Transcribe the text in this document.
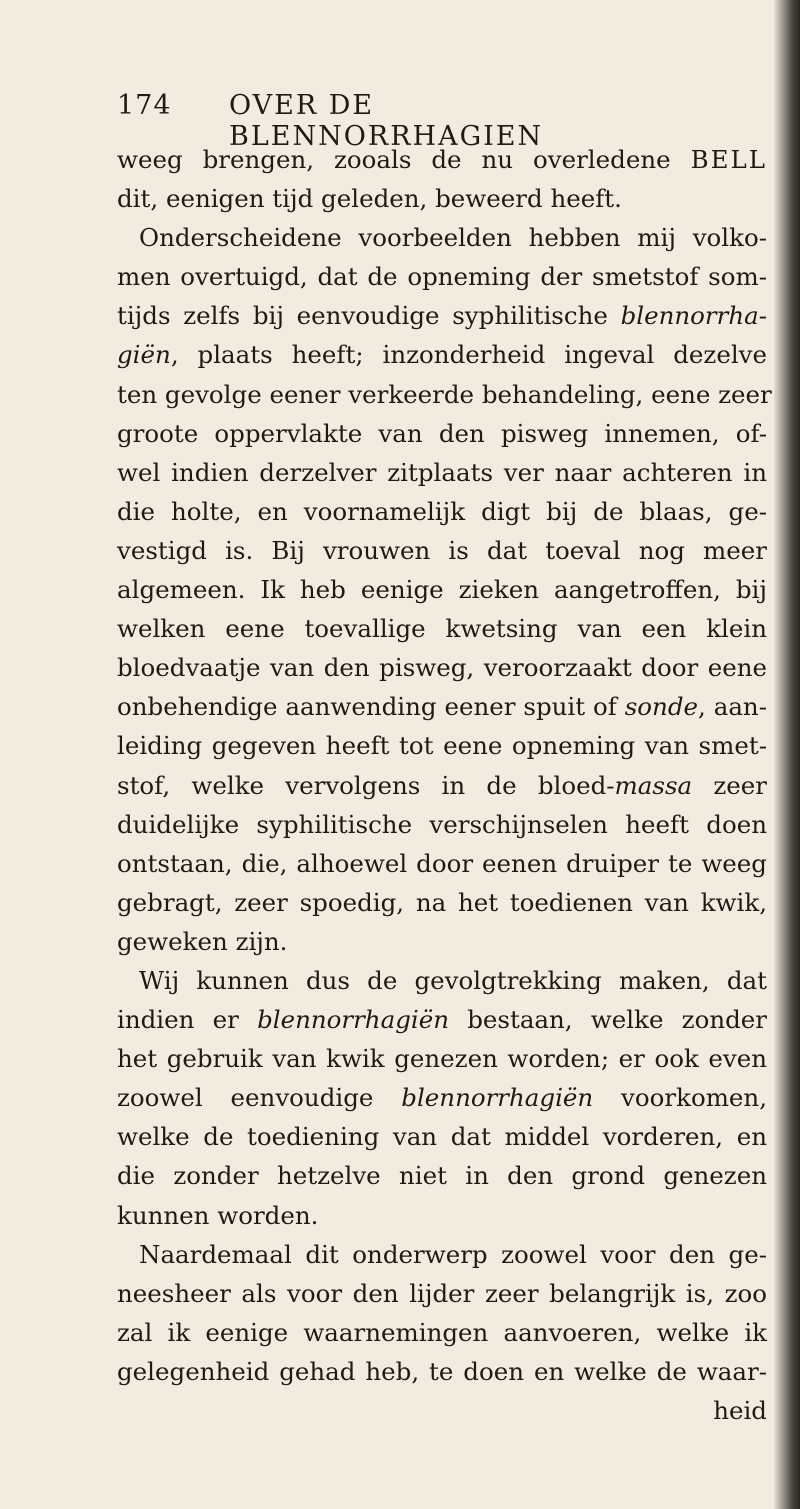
174 OVER DE BLENNORRHAGIEN
weeg brengen, zooals de nu overledene BELL
dit, eenigen tijd geleden, beweerd heeft.
Onderscheidene voorbeelden hebben mij volko-
men overtuigd, dat de opneming der smetstof som-
tijds zelfs bij eenvoudige syphilitische blennorrha-
giën, plaats heeft; inzonderheid ingeval dezelve
ten gevolge eener verkeerde behandeling, eene zeer
groote oppervlakte van den pisweg innemen, of-
wel indien derzelver zitplaats ver naar achteren in
die holte, en voornamelijk digt bij de blaas, ge-
vestigd is. Bij vrouwen is dat toeval nog meer
algemeen. Ik heb eenige zieken aangetroffen, bij
welken eene toevallige kwetsing van een klein
bloedvaatje van den pisweg, veroorzaakt door eene
onbehendige aanwending eener spuit of sonde, aan-
leiding gegeven heeft tot eene opneming van smet-
stof, welke vervolgens in de bloed-massa zeer
duidelijke syphilitische verschijnselen heeft doen
ontstaan, die, alhoewel door eenen druiper te weeg
gebragt, zeer spoedig, na het toedienen van kwik,
geweken zijn.
Wij kunnen dus de gevolgtrekking maken, dat
indien er blennorrhagiën bestaan, welke zonder
het gebruik van kwik genezen worden; er ook even
zoowel eenvoudige blennorrhagiën voorkomen,
welke de toediening van dat middel vorderen, en
die zonder hetzelve niet in den grond genezen
kunnen worden.
Naardemaal dit onderwerp zoowel voor den ge-
neesheer als voor den lijder zeer belangrijk is, zoo
zal ik eenige waarnemingen aanvoeren, welke ik
gelegenheid gehad heb, te doen en welke de waar-
heid
